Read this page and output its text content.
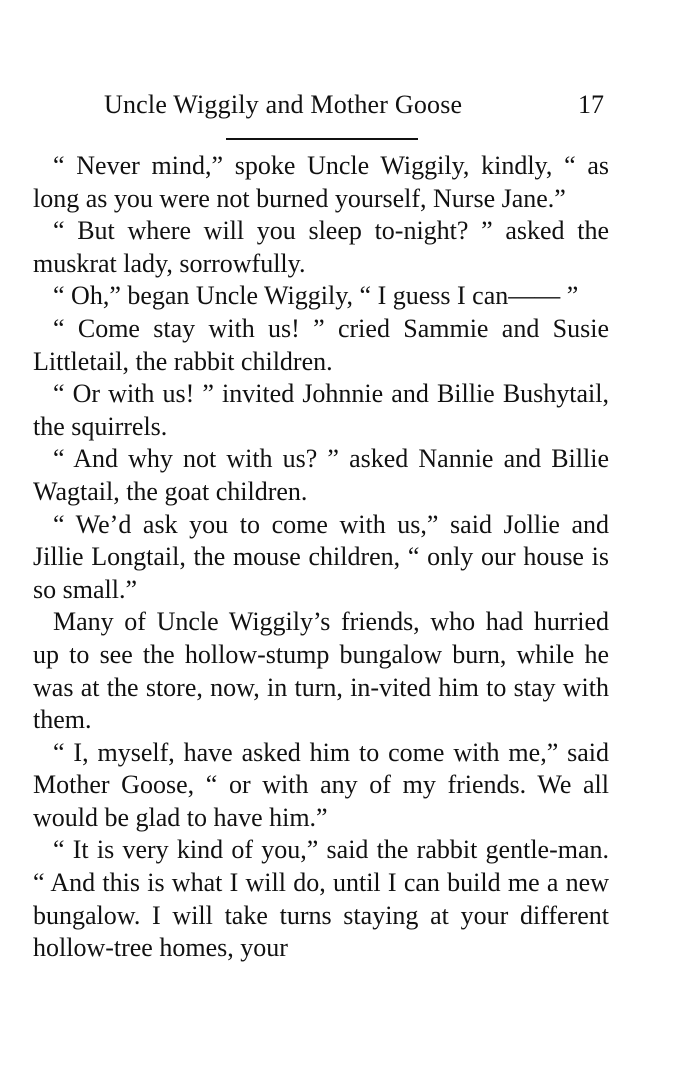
Uncle Wiggily and Mother Goose	17

“ Never mind,” spoke Uncle Wiggily, kindly, “ as long as you were not burned yourself, Nurse Jane.”

“ But where will you sleep to-night? ” asked the muskrat lady, sorrowfully.

“ Oh,” began Uncle Wiggily, “ I guess I can—— ”

“ Come stay with us! ” cried Sammie and Susie Littletail, the rabbit children.

“ Or with us! ” invited Johnnie and Billie Bushytail, the squirrels.

“ And why not with us? ” asked Nannie and Billie Wagtail, the goat children.

“ We’d ask you to come with us,” said Jollie and Jillie Longtail, the mouse children, “ only our house is so small.”

Many of Uncle Wiggily’s friends, who had hurried up to see the hollow-stump bungalow burn, while he was at the store, now, in turn, in-vited him to stay with them.

“ I, myself, have asked him to come with me,” said Mother Goose, “ or with any of my friends. We all would be glad to have him.”

“ It is very kind of you,” said the rabbit gentle-man. “ And this is what I will do, until I can build me a new bungalow. I will take turns staying at your different hollow-tree homes, your
